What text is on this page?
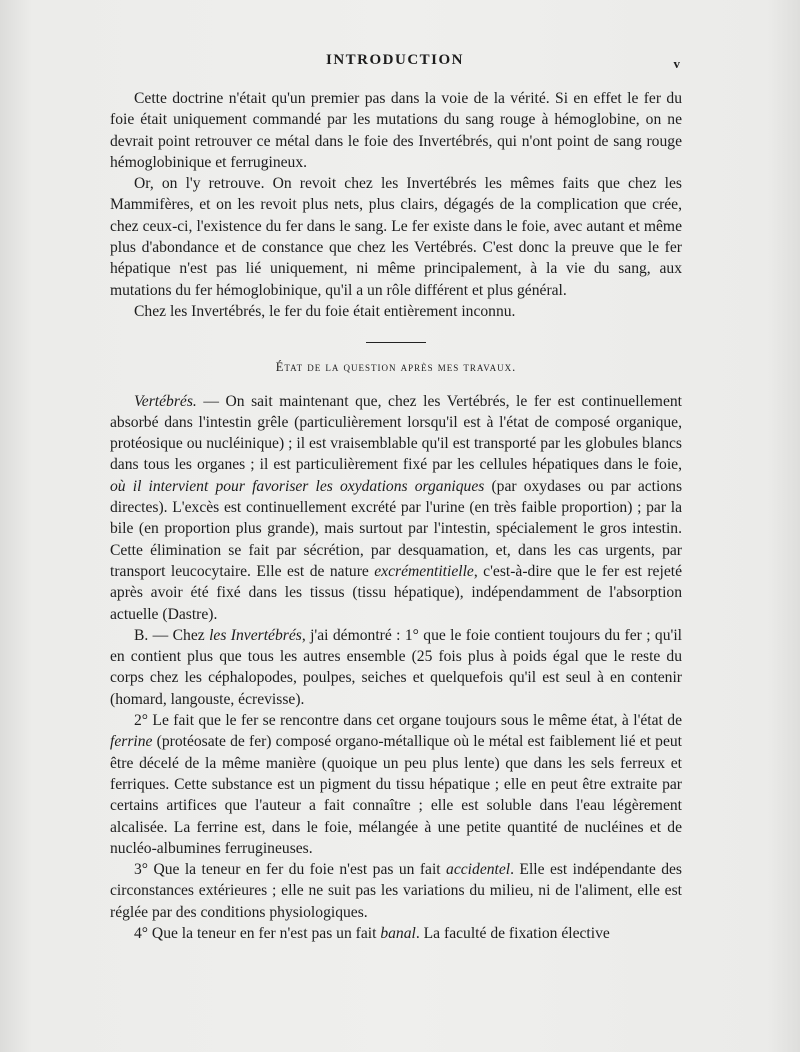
INTRODUCTION	v

Cette doctrine n'était qu'un premier pas dans la voie de la vérité. Si en effet le fer du foie était uniquement commandé par les mutations du sang rouge à hémoglobine, on ne devrait point retrouver ce métal dans le foie des Invertébrés, qui n'ont point de sang rouge hémoglobinique et ferrugineux.

Or, on l'y retrouve. On revoit chez les Invertébrés les mêmes faits que chez les Mammifères, et on les revoit plus nets, plus clairs, dégagés de la complication que crée, chez ceux-ci, l'existence du fer dans le sang. Le fer existe dans le foie, avec autant et même plus d'abondance et de constance que chez les Vertébrés. C'est donc la preuve que le fer hépatique n'est pas lié uniquement, ni même principalement, à la vie du sang, aux mutations du fer hémoglobinique, qu'il a un rôle différent et plus général.

Chez les Invertébrés, le fer du foie était entièrement inconnu.

État de la question après mes travaux.

Vertébrés. — On sait maintenant que, chez les Vertébrés, le fer est continuellement absorbé dans l'intestin grêle (particulièrement lorsqu'il est à l'état de composé organique, protéosique ou nucléinique) ; il est vraisemblable qu'il est transporté par les globules blancs dans tous les organes ; il est particulièrement fixé par les cellules hépatiques dans le foie, où il intervient pour favoriser les oxydations organiques (par oxydases ou par actions directes). L'excès est continuellement excrété par l'urine (en très faible proportion) ; par la bile (en proportion plus grande), mais surtout par l'intestin, spécialement le gros intestin. Cette élimination se fait par sécrétion, par desquamation, et, dans les cas urgents, par transport leucocytaire. Elle est de nature excrémentitielle, c'est-à-dire que le fer est rejeté après avoir été fixé dans les tissus (tissu hépatique), indépendamment de l'absorption actuelle (Dastre).

B. — Chez les Invertébrés, j'ai démontré : 1° que le foie contient toujours du fer ; qu'il en contient plus que tous les autres ensemble (25 fois plus à poids égal que le reste du corps chez les céphalopodes, poulpes, seiches et quelquefois qu'il est seul à en contenir (homard, langouste, écrevisse).

2° Le fait que le fer se rencontre dans cet organe toujours sous le même état, à l'état de ferrine (protéosate de fer) composé organo-métallique où le métal est faiblement lié et peut être décelé de la même manière (quoique un peu plus lente) que dans les sels ferreux et ferriques. Cette substance est un pigment du tissu hépatique ; elle en peut être extraite par certains artifices que l'auteur a fait connaître ; elle est soluble dans l'eau légèrement alcalisée. La ferrine est, dans le foie, mélangée à une petite quantité de nucléines et de nucléo-albumines ferrugineuses.

3° Que la teneur en fer du foie n'est pas un fait accidentel. Elle est indépendante des circonstances extérieures ; elle ne suit pas les variations du milieu, ni de l'aliment, elle est réglée par des conditions physiologiques.

4° Que la teneur en fer n'est pas un fait banal. La faculté de fixation élective
